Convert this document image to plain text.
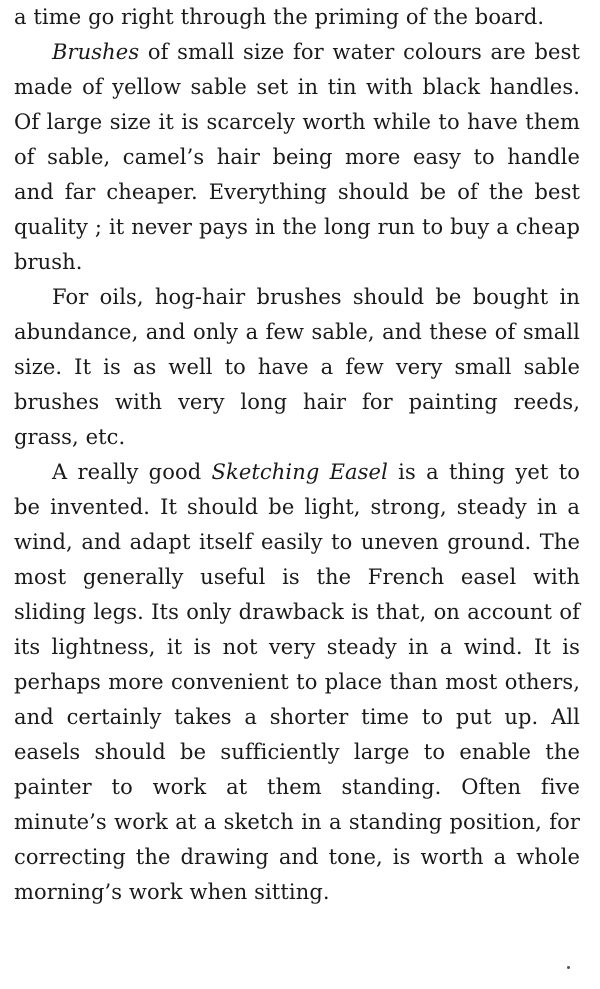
a time go right through the priming of the board.

Brushes of small size for water colours are best made of yellow sable set in tin with black handles. Of large size it is scarcely worth while to have them of sable, camel’s hair being more easy to handle and far cheaper. Everything should be of the best quality ; it never pays in the long run to buy a cheap brush.

For oils, hog-hair brushes should be bought in abundance, and only a few sable, and these of small size. It is as well to have a few very small sable brushes with very long hair for painting reeds, grass, etc.

A really good Sketching Easel is a thing yet to be invented. It should be light, strong, steady in a wind, and adapt itself easily to uneven ground. The most generally useful is the French easel with sliding legs. Its only drawback is that, on account of its lightness, it is not very steady in a wind. It is perhaps more convenient to place than most others, and certainly takes a shorter time to put up. All easels should be sufficiently large to enable the painter to work at them standing. Often five minute’s work at a sketch in a standing position, for correcting the drawing and tone, is worth a whole morning’s work when sitting.
